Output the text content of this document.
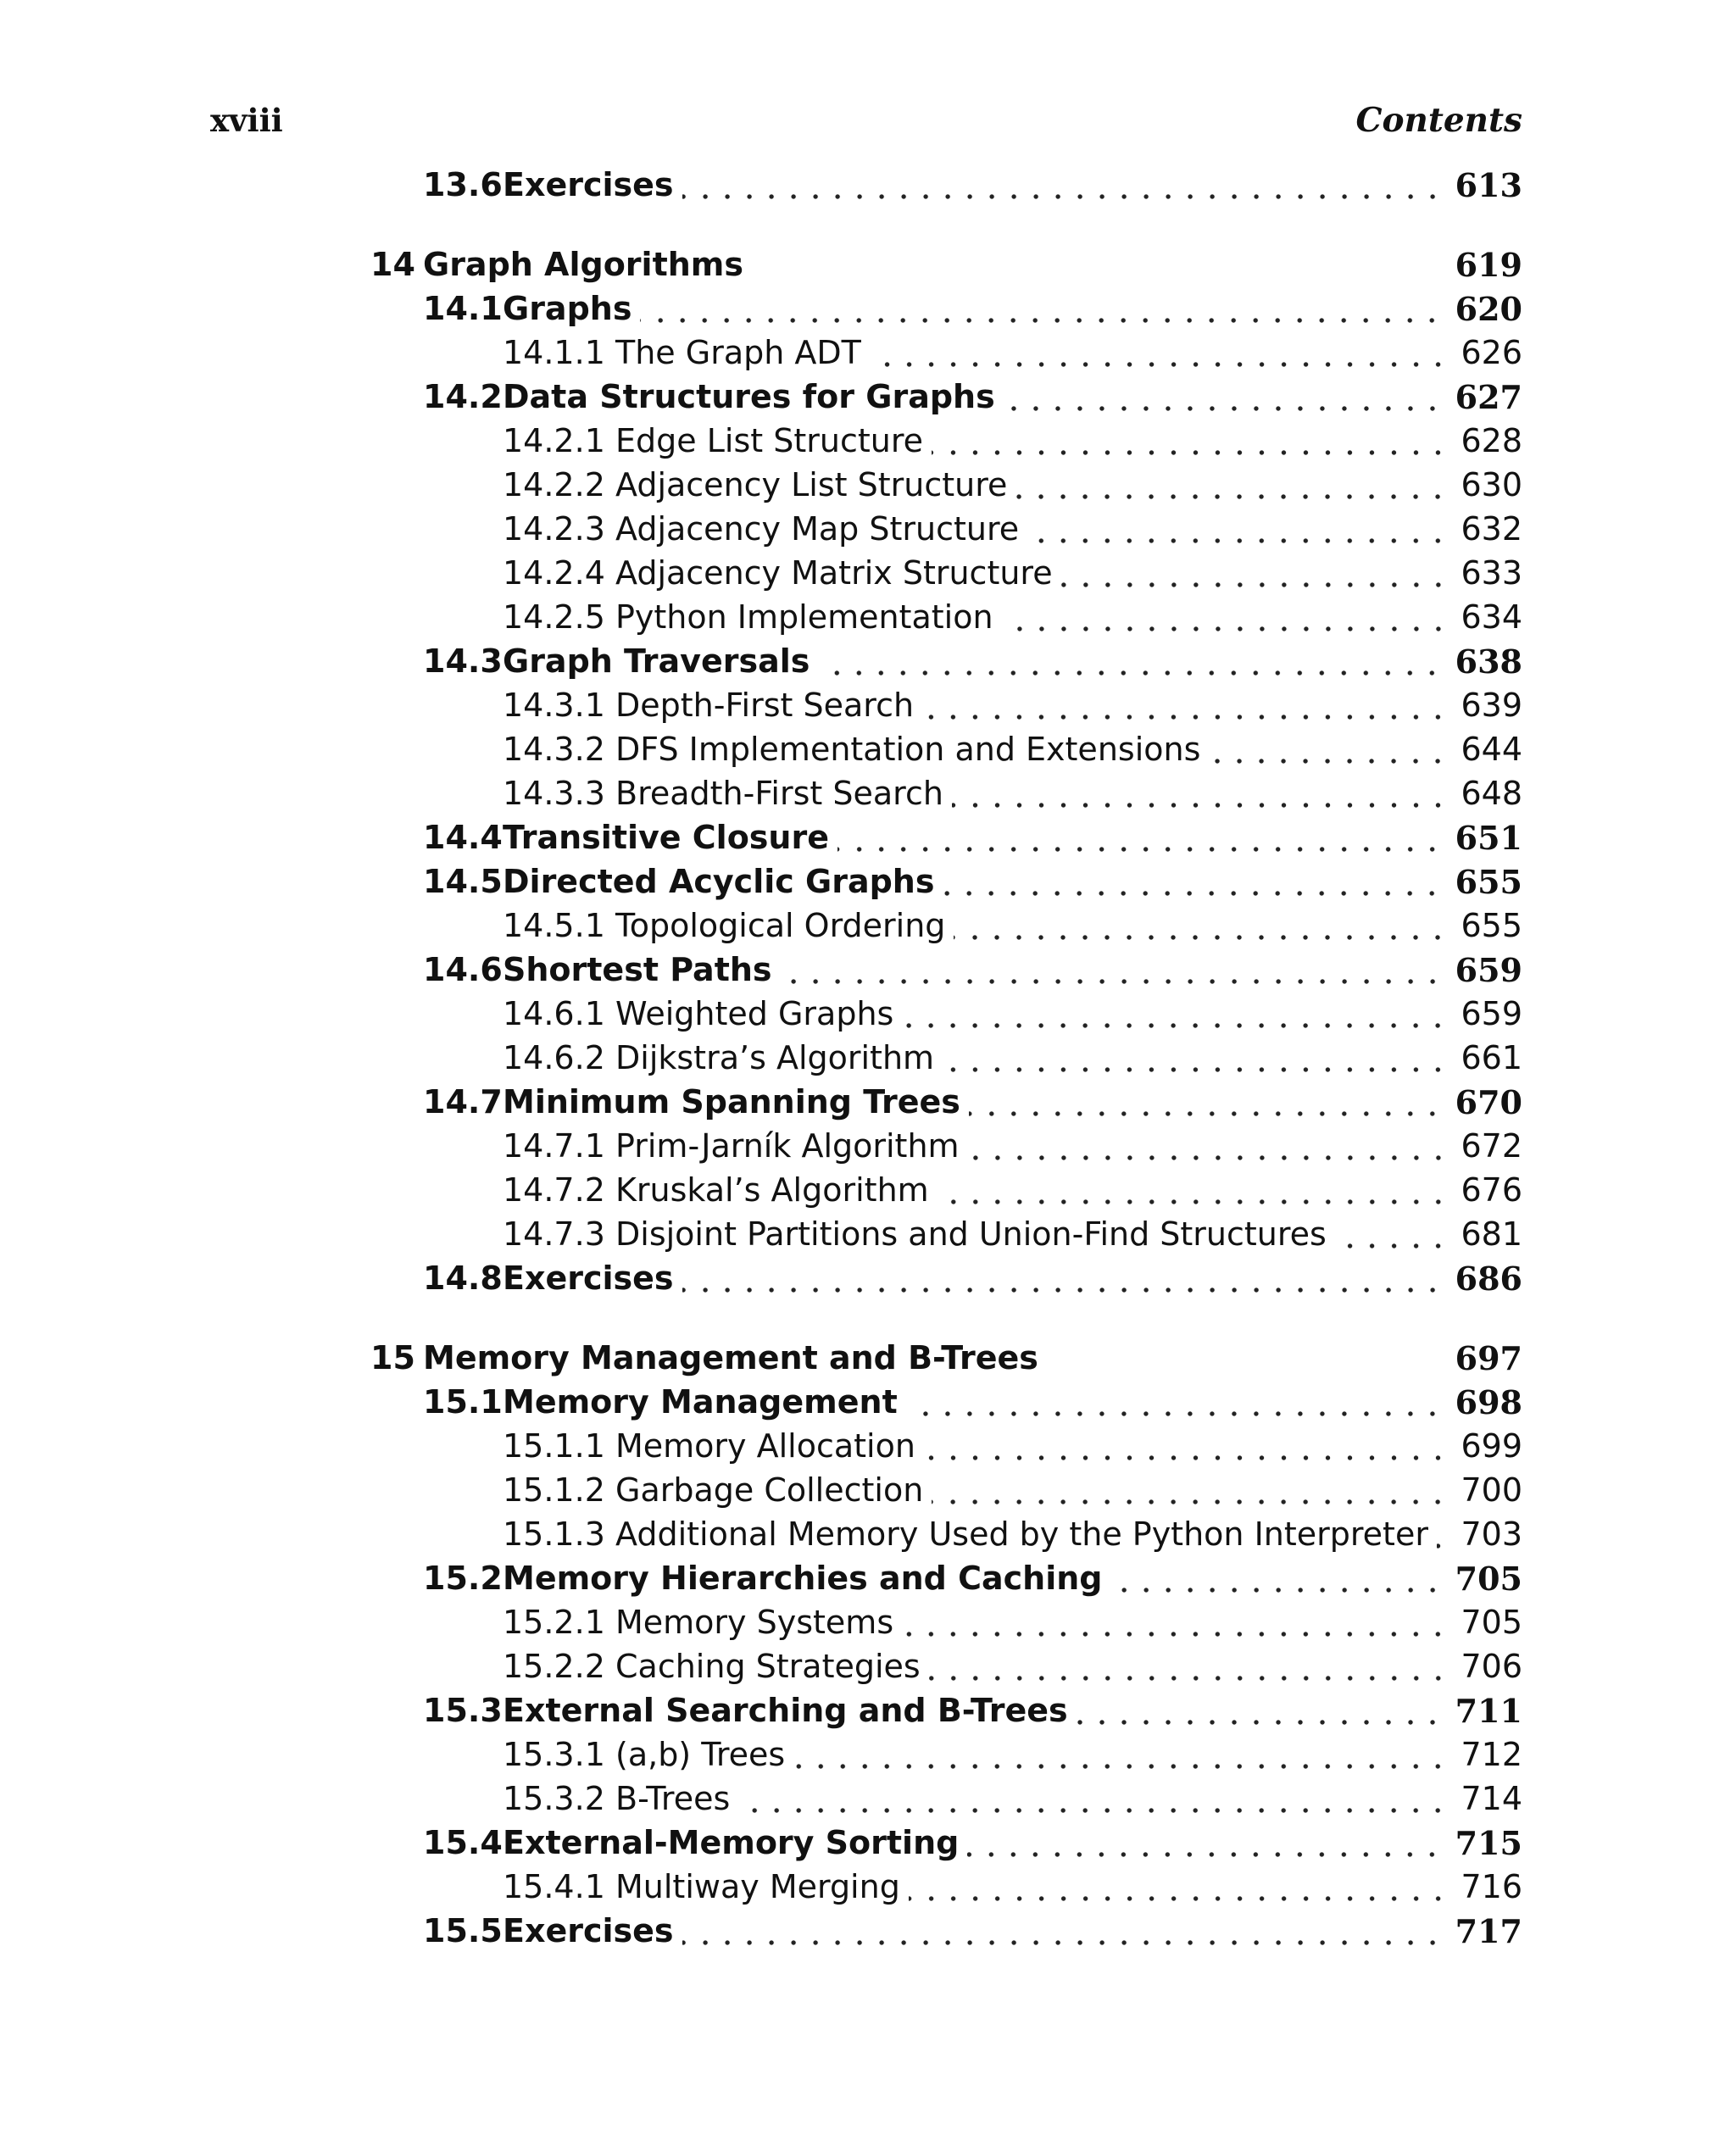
xviii	Contents
13.6 Exercises	613
14 Graph Algorithms	619
14.1 Graphs	620
14.1.1 The Graph ADT	626
14.2 Data Structures for Graphs	627
14.2.1 Edge List Structure	628
14.2.2 Adjacency List Structure	630
14.2.3 Adjacency Map Structure	632
14.2.4 Adjacency Matrix Structure	633
14.2.5 Python Implementation	634
14.3 Graph Traversals	638
14.3.1 Depth-First Search	639
14.3.2 DFS Implementation and Extensions	644
14.3.3 Breadth-First Search	648
14.4 Transitive Closure	651
14.5 Directed Acyclic Graphs	655
14.5.1 Topological Ordering	655
14.6 Shortest Paths	659
14.6.1 Weighted Graphs	659
14.6.2 Dijkstra’s Algorithm	661
14.7 Minimum Spanning Trees	670
14.7.1 Prim-Jarník Algorithm	672
14.7.2 Kruskal’s Algorithm	676
14.7.3 Disjoint Partitions and Union-Find Structures	681
14.8 Exercises	686
15 Memory Management and B-Trees	697
15.1 Memory Management	698
15.1.1 Memory Allocation	699
15.1.2 Garbage Collection	700
15.1.3 Additional Memory Used by the Python Interpreter 703
15.2 Memory Hierarchies and Caching	705
15.2.1 Memory Systems	705
15.2.2 Caching Strategies	706
15.3 External Searching and B-Trees	711
15.3.1 (a,b) Trees	712
15.3.2 B-Trees	714
15.4 External-Memory Sorting	715
15.4.1 Multiway Merging	716
15.5 Exercises	717
